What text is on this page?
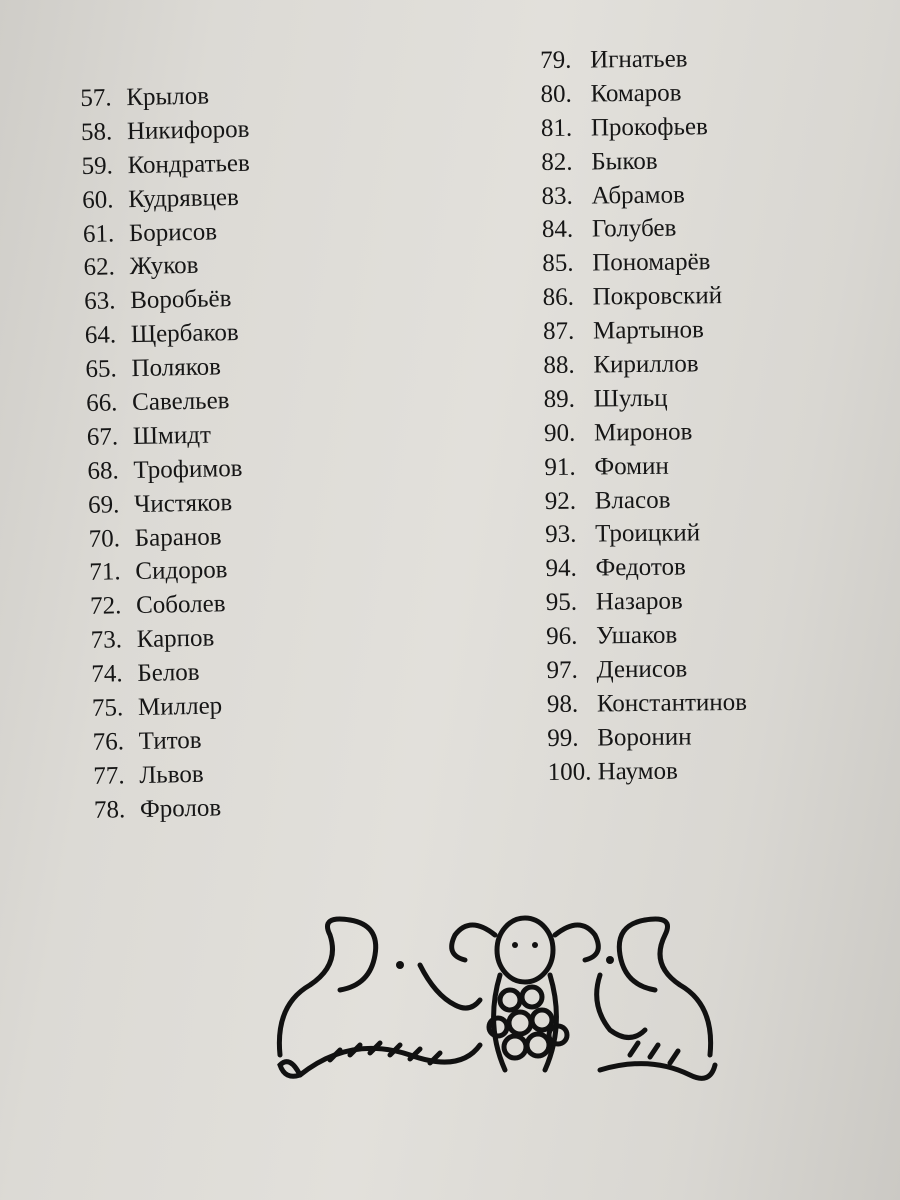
57. Крылов
58. Никифоров
59. Кондратьев
60. Кудрявцев
61. Борисов
62. Жуков
63. Воробьёв
64. Щербаков
65. Поляков
66. Савельев
67. Шмидт
68. Трофимов
69. Чистяков
70. Баранов
71. Сидоров
72. Соболев
73. Карпов
74. Белов
75. Миллер
76. Титов
77. Львов
78. Фролов
79. Игнатьев
80. Комаров
81. Прокофьев
82. Быков
83. Абрамов
84. Голубев
85. Пономарёв
86. Покровский
87. Мартынов
88. Кириллов
89. Шульц
90. Миронов
91. Фомин
92. Власов
93. Троицкий
94. Федотов
95. Назаров
96. Ушаков
97. Денисов
98. Константинов
99. Воронин
100. Наумов
